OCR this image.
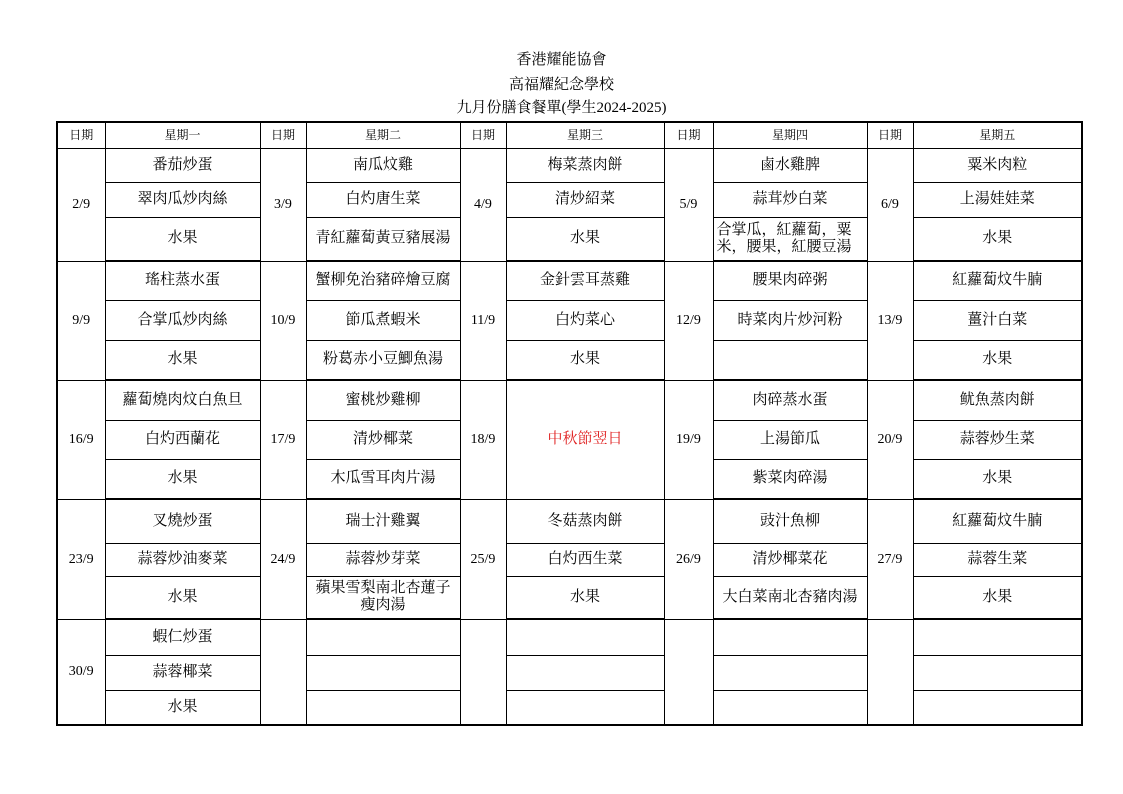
香港耀能協會
高福耀紀念學校
九月份膳食餐單(學生2024-2025)
日期	星期一	日期	星期二	日期	星期三	日期	星期四	日期	星期五
2/9	番茄炒蛋	3/9	南瓜炆雞	4/9	梅菜蒸肉餅	5/9	鹵水雞脾	6/9	粟米肉粒
	翠肉瓜炒肉絲		白灼唐生菜		清炒紹菜		蒜茸炒白菜		上湯娃娃菜
	水果		青紅蘿蔔黃豆豬展湯		水果		合掌瓜，紅蘿蔔，粟米，腰果，紅腰豆湯		水果
9/9	瑤柱蒸水蛋	10/9	蟹柳免治豬碎燴豆腐	11/9	金針雲耳蒸雞	12/9	腰果肉碎粥	13/9	紅蘿蔔炆牛腩
	合掌瓜炒肉絲		節瓜煮蝦米		白灼菜心		時菜肉片炒河粉		薑汁白菜
	水果		粉葛赤小豆鯽魚湯		水果				水果
16/9	蘿蔔燒肉炆白魚旦	17/9	蜜桃炒雞柳	18/9	中秋節翌日	19/9	肉碎蒸水蛋	20/9	鱿魚蒸肉餅
	白灼西蘭花		清炒椰菜				上湯節瓜		蒜蓉炒生菜
	水果		木瓜雪耳肉片湯				紫菜肉碎湯		水果
23/9	叉燒炒蛋	24/9	瑞士汁雞翼	25/9	冬菇蒸肉餅	26/9	豉汁魚柳	27/9	紅蘿蔔炆牛腩
	蒜蓉炒油麥菜		蒜蓉炒芽菜		白灼西生菜		清炒椰菜花		蒜蓉生菜
	水果		蘋果雪梨南北杏蓮子瘦肉湯		水果		大白菜南北杏豬肉湯		水果
30/9	蝦仁炒蛋								
	蒜蓉椰菜								
	水果								
